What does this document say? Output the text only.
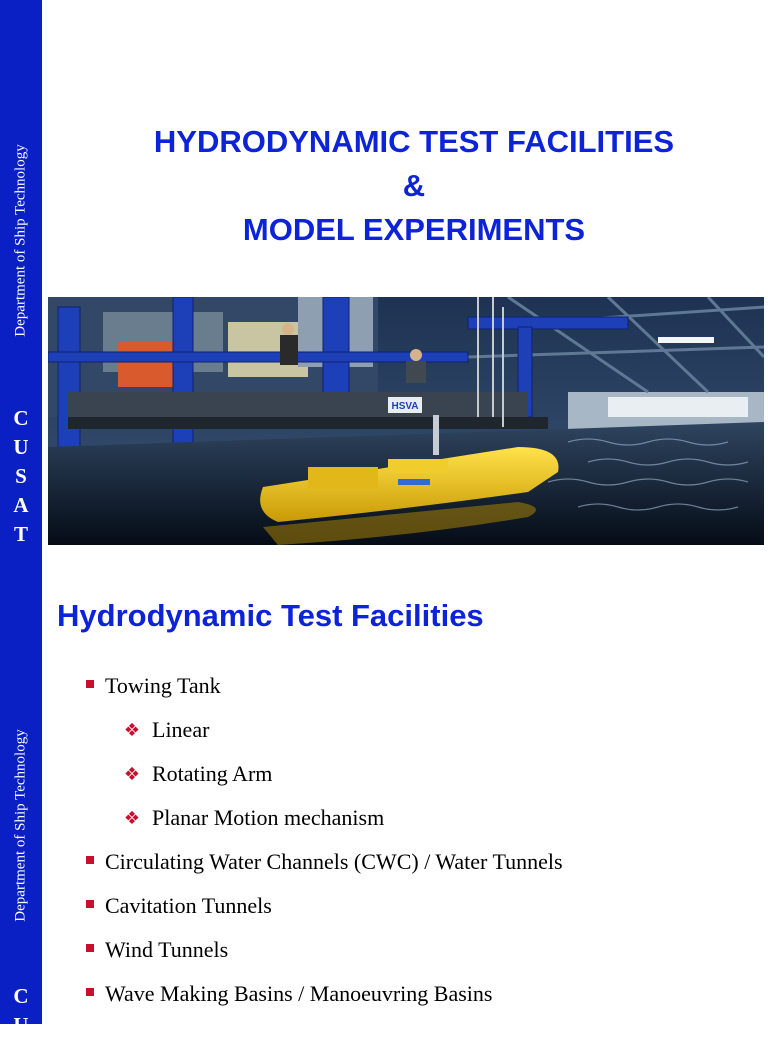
Department of Ship Technology
C
U
S
A
T
Department of Ship Technology
C
U
HYDRODYNAMIC TEST FACILITIES
&
MODEL EXPERIMENTS
HSVA
Hydrodynamic Test Facilities
Towing Tank
❖ Linear
❖ Rotating Arm
❖ Planar Motion mechanism
Circulating Water Channels (CWC) / Water Tunnels
Cavitation Tunnels
Wind Tunnels
Wave Making Basins / Manoeuvring Basins
